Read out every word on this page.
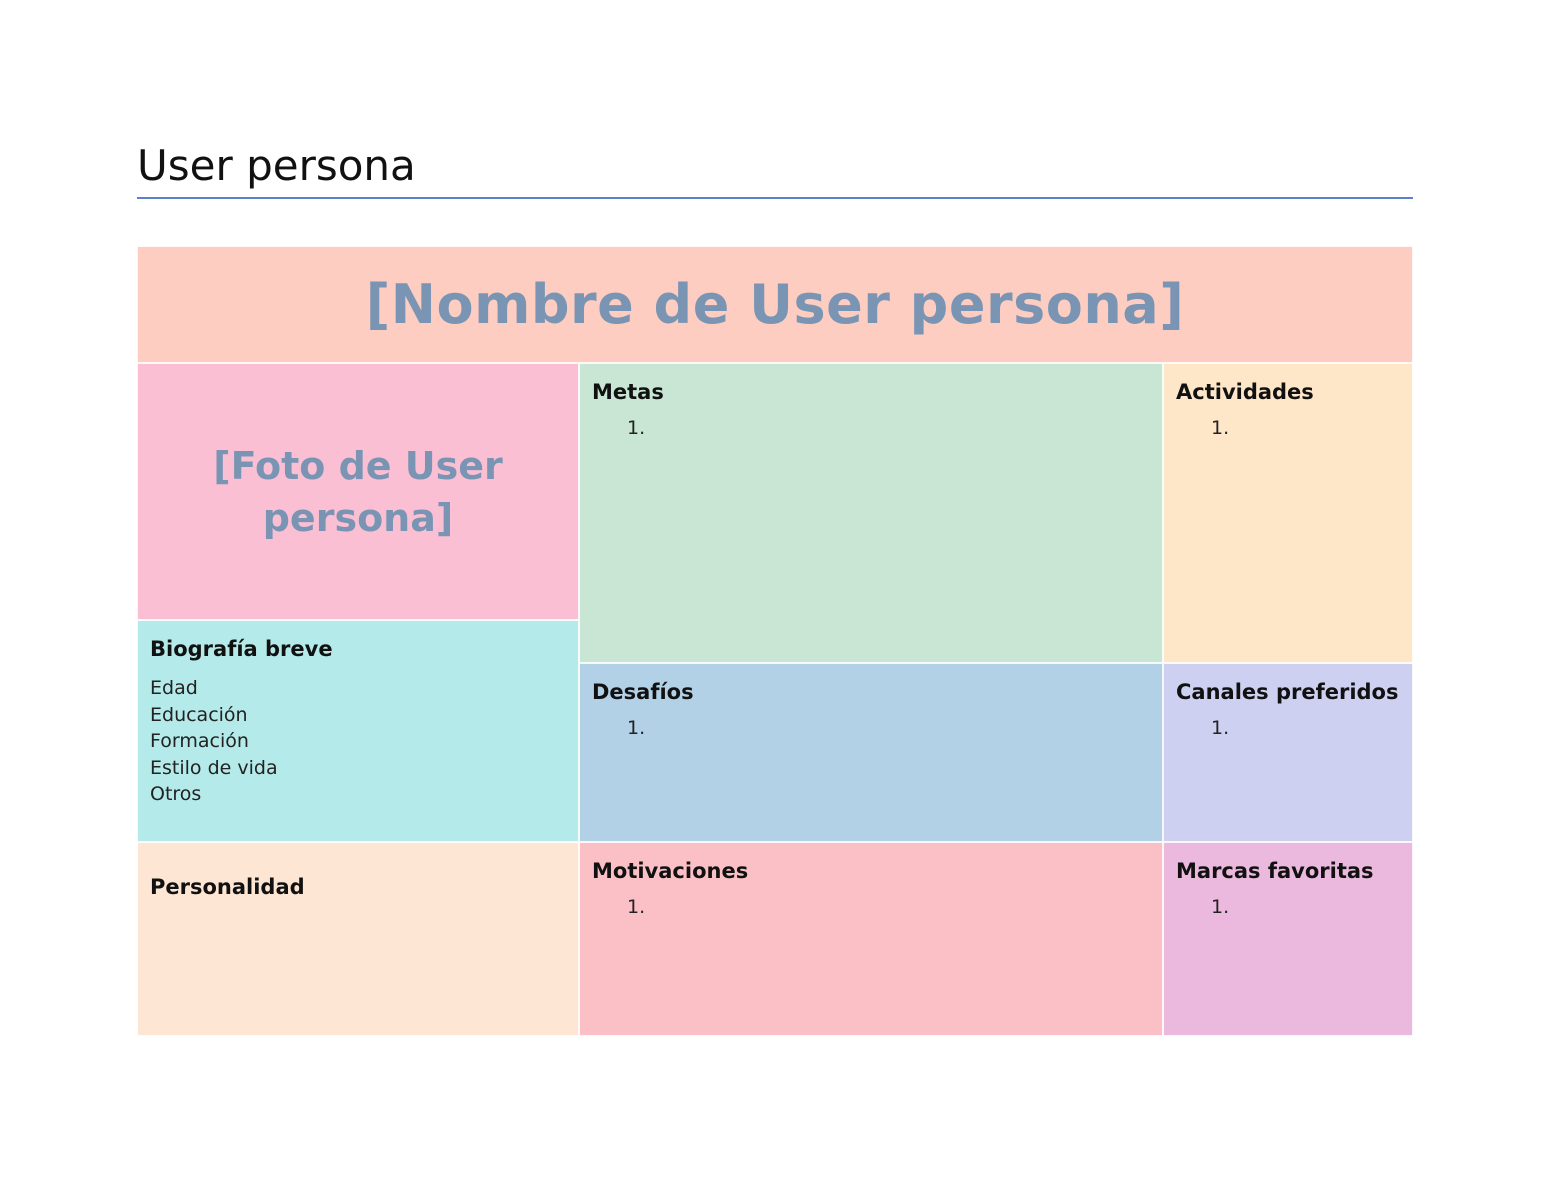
User persona
[Nombre de User persona]
[Foto de User persona]
Biografía breve
Edad
Educación
Formación
Estilo de vida
Otros
Metas
1.
Actividades
1.
Desafíos
1.
Canales preferidos
1.
Personalidad
Motivaciones
1.
Marcas favoritas
1.
